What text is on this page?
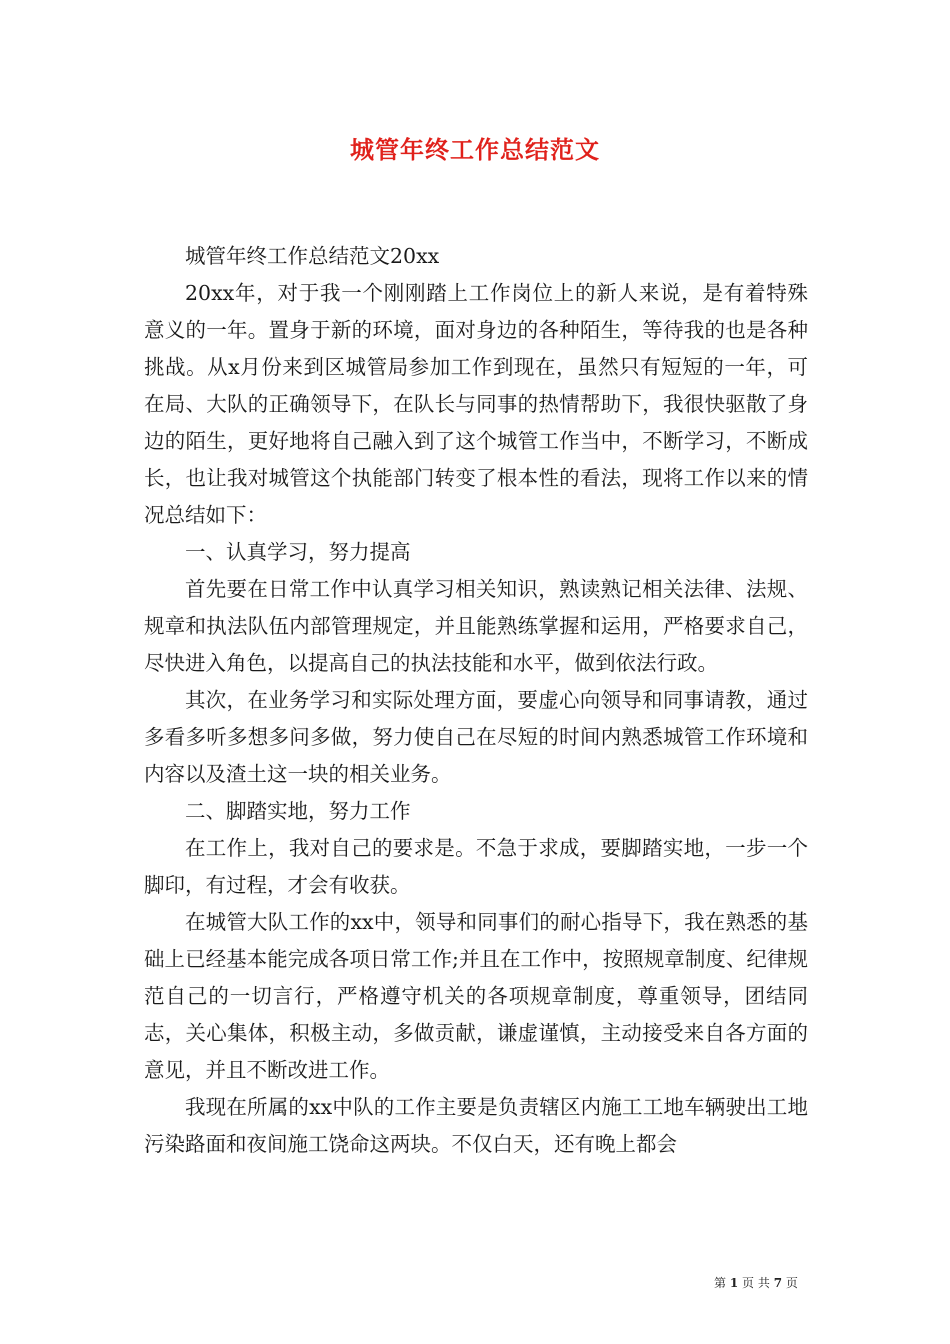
城管年终工作总结范文

城管年终工作总结范文20xx

20xx年，对于我一个刚刚踏上工作岗位上的新人来说，是有着特殊意义的一年。置身于新的环境，面对身边的各种陌生，等待我的也是各种挑战。从x月份来到区城管局参加工作到现在，虽然只有短短的一年，可在局、大队的正确领导下，在队长与同事的热情帮助下，我很快驱散了身边的陌生，更好地将自己融入到了这个城管工作当中，不断学习，不断成长，也让我对城管这个执能部门转变了根本性的看法，现将工作以来的情况总结如下：

一、认真学习，努力提高

首先要在日常工作中认真学习相关知识，熟读熟记相关法律、法规、规章和执法队伍内部管理规定，并且能熟练掌握和运用，严格要求自己，尽快进入角色，以提高自己的执法技能和水平，做到依法行政。

其次，在业务学习和实际处理方面，要虚心向领导和同事请教，通过多看多听多想多问多做，努力使自己在尽短的时间内熟悉城管工作环境和内容以及渣土这一块的相关业务。

二、脚踏实地，努力工作

在工作上，我对自己的要求是。不急于求成，要脚踏实地，一步一个脚印，有过程，才会有收获。

在城管大队工作的xx中，领导和同事们的耐心指导下，我在熟悉的基础上已经基本能完成各项日常工作;并且在工作中，按照规章制度、纪律规范自己的一切言行，严格遵守机关的各项规章制度，尊重领导，团结同志，关心集体，积极主动，多做贡献，谦虚谨慎，主动接受来自各方面的意见，并且不断改进工作。

我现在所属的xx中队的工作主要是负责辖区内施工工地车辆驶出工地污染路面和夜间施工饶命这两块。不仅白天，还有晚上都会

第 1 页 共 7 页
